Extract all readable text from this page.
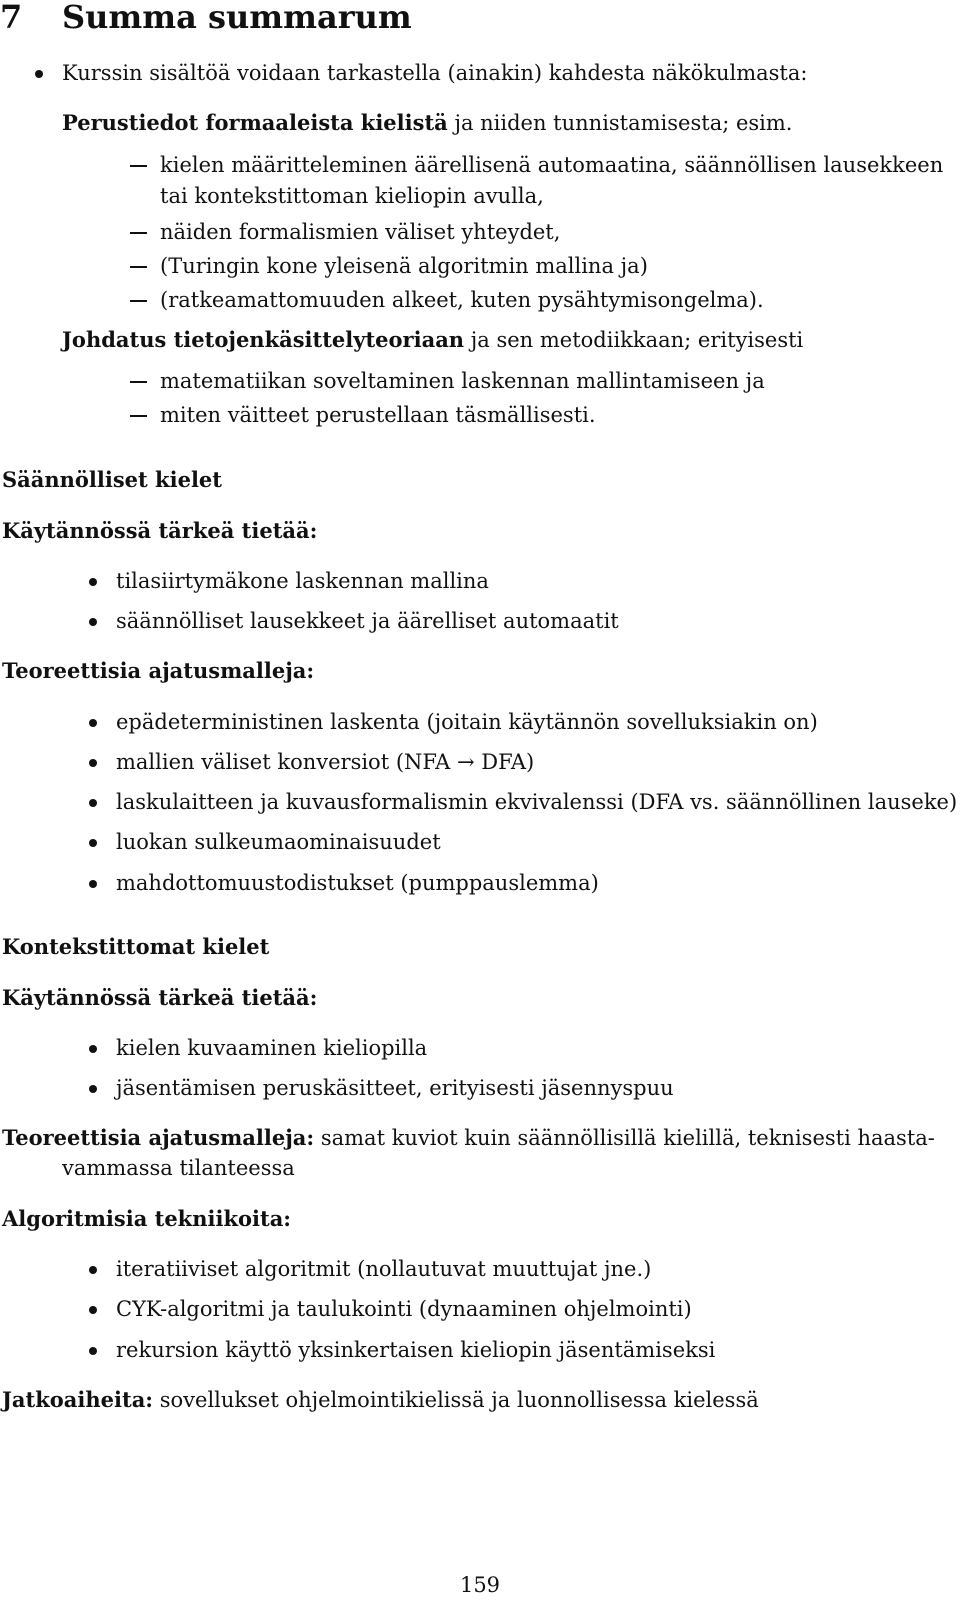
7 Summa summarum
Kurssin sisältöä voidaan tarkastella (ainakin) kahdesta näkökulmasta:
Perustiedot formaaleista kielistä ja niiden tunnistamisesta; esim.
kielen määritteleminen äärellisenä automaatina, säännöllisen lausekkeen
tai kontekstittoman kieliopin avulla,
näiden formalismien väliset yhteydet,
(Turingin kone yleisenä algoritmin mallina ja)
(ratkeamattomuuden alkeet, kuten pysähtymisongelma).
Johdatus tietojenkäsittelyteoriaan ja sen metodiikkaan; erityisesti
matematiikan soveltaminen laskennan mallintamiseen ja
miten väitteet perustellaan täsmällisesti.
Säännölliset kielet
Käytännössä tärkeä tietää:
tilasiirtymäkone laskennan mallina
säännölliset lausekkeet ja äärelliset automaatit
Teoreettisia ajatusmalleja:
epädeterministinen laskenta (joitain käytännön sovelluksiakin on)
mallien väliset konversiot (NFA → DFA)
laskulaitteen ja kuvausformalismin ekvivalenssi (DFA vs. säännöllinen lauseke)
luokan sulkeumaominaisuudet
mahdottomuustodistukset (pumppauslemma)
Kontekstittomat kielet
Käytännössä tärkeä tietää:
kielen kuvaaminen kieliopilla
jäsentämisen peruskäsitteet, erityisesti jäsennyspuu
Teoreettisia ajatusmalleja: samat kuviot kuin säännöllisillä kielillä, teknisesti haasta-
vammassa tilanteessa
Algoritmisia tekniikoita:
iteratiiviset algoritmit (nollautuvat muuttujat jne.)
CYK-algoritmi ja taulukointi (dynaaminen ohjelmointi)
rekursion käyttö yksinkertaisen kieliopin jäsentämiseksi
Jatkoaiheita: sovellukset ohjelmointikielissä ja luonnollisessa kielessä
159
